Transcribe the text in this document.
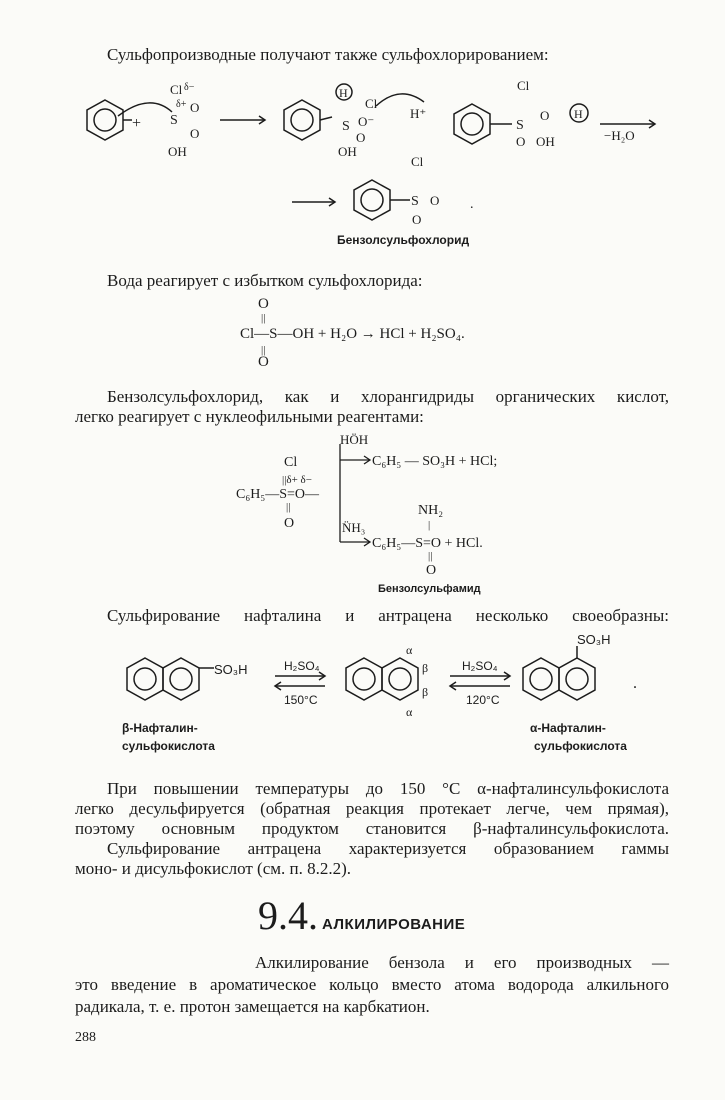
Сульфопроизводные получают также сульфохлорированием:
+
Cl δ−
δ+
S
O
O
OH
H
Cl
S O⁻
O
OH
H⁺
Cl
S
O H
O OH	−H₂O
Cl
S O
O
.
Бензолсульфохлорид
Вода реагирует с избытком сульфохлорида:
O
||
Cl—S—OH + H₂O → HCl + H₂SO₄.
||
O
Бензолсульфохлорид, как и хлорангидриды органических кислот,
легко реагирует с нуклеофильными реагентами:
Cl
||δ+ δ−
C₆H₅—S=O—
||
O
HÖH
C₆H₅ — SO₃H + HCl;
N̈H₃
NH₂
|
C₆H₅—S=O + HCl.
||
O
Бензолсульфамид
Сульфирование нафталина и антрацена несколько своеобразны:
SO₃H	H₂SO₄
150°C
α
β
β
α
H₂SO₄
120°C
SO₃H
.
β-Нафталин-
сульфокислота
α-Нафталин-
сульфокислота
При повышении температуры до 150 °С α-нафталинсульфокислота
легко десульфируется (обратная реакция протекает легче, чем прямая),
поэтому основным продуктом становится β-нафталинсульфокислота.
Сульфирование антрацена характеризуется образованием гаммы
моно- и дисульфокислот (см. п. 8.2.2).
9.4. АЛКИЛИРОВАНИЕ
Алкилирование бензола и его производных —
это введение в ароматическое кольцо вместо атома водорода алкильного
радикала, т. е. протон замещается на карбкатион.
288
